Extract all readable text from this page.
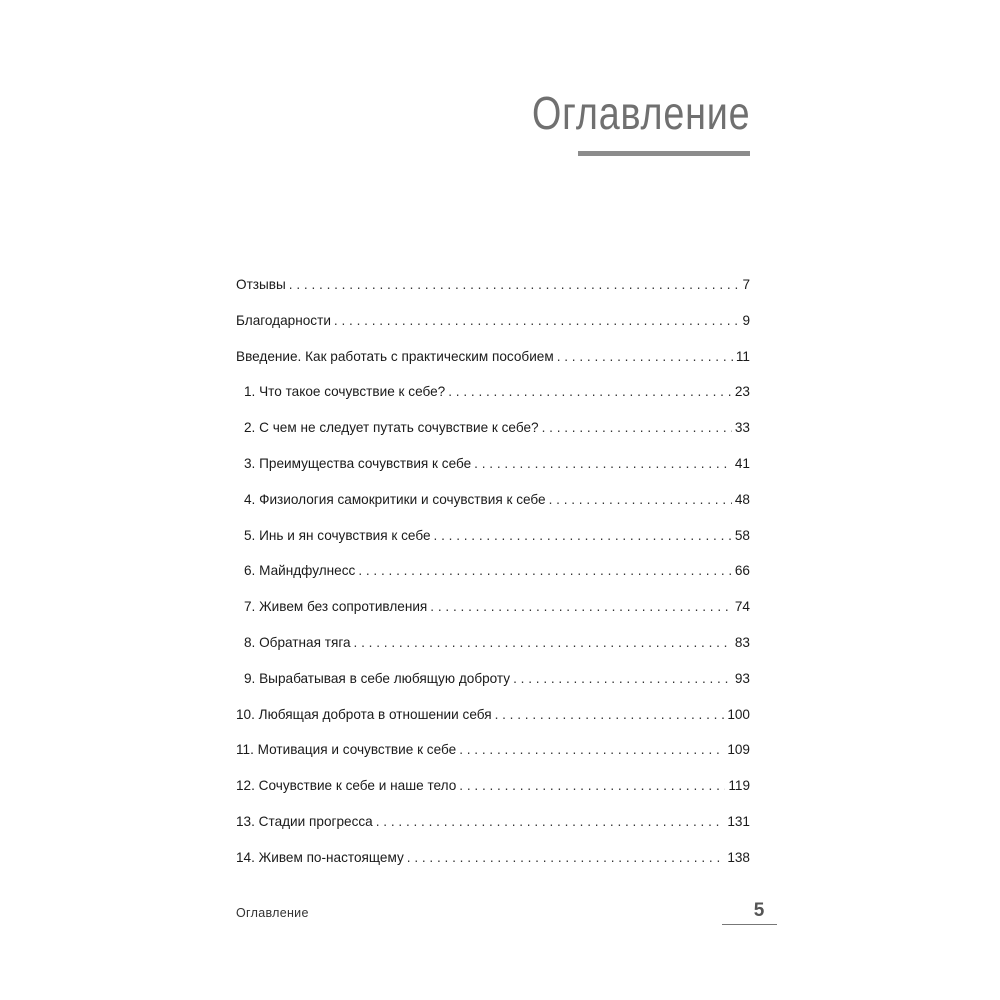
Оглавление
Отзывы . . .	7
Благодарности . . .	9
Введение. Как работать с практическим пособием . . .	11
1. Что такое сочувствие к себе? . . .	23
2. С чем не следует путать сочувствие к себе? . . .	33
3. Преимущества сочувствия к себе . . .	41
4. Физиология самокритики и сочувствия к себе . . .	48
5. Инь и ян сочувствия к себе . . .	58
6. Майндфулнесс . . .	66
7. Живем без сопротивления . . .	74
8. Обратная тяга . . .	83
9. Вырабатывая в себе любящую доброту . . .	93
10. Любящая доброта в отношении себя . . .	100
11. Мотивация и сочувствие к себе . . .	109
12. Сочувствие к себе и наше тело . . .	119
13. Стадии прогресса . . .	131
14. Живем по-настоящему . . .	138
Оглавление	5
